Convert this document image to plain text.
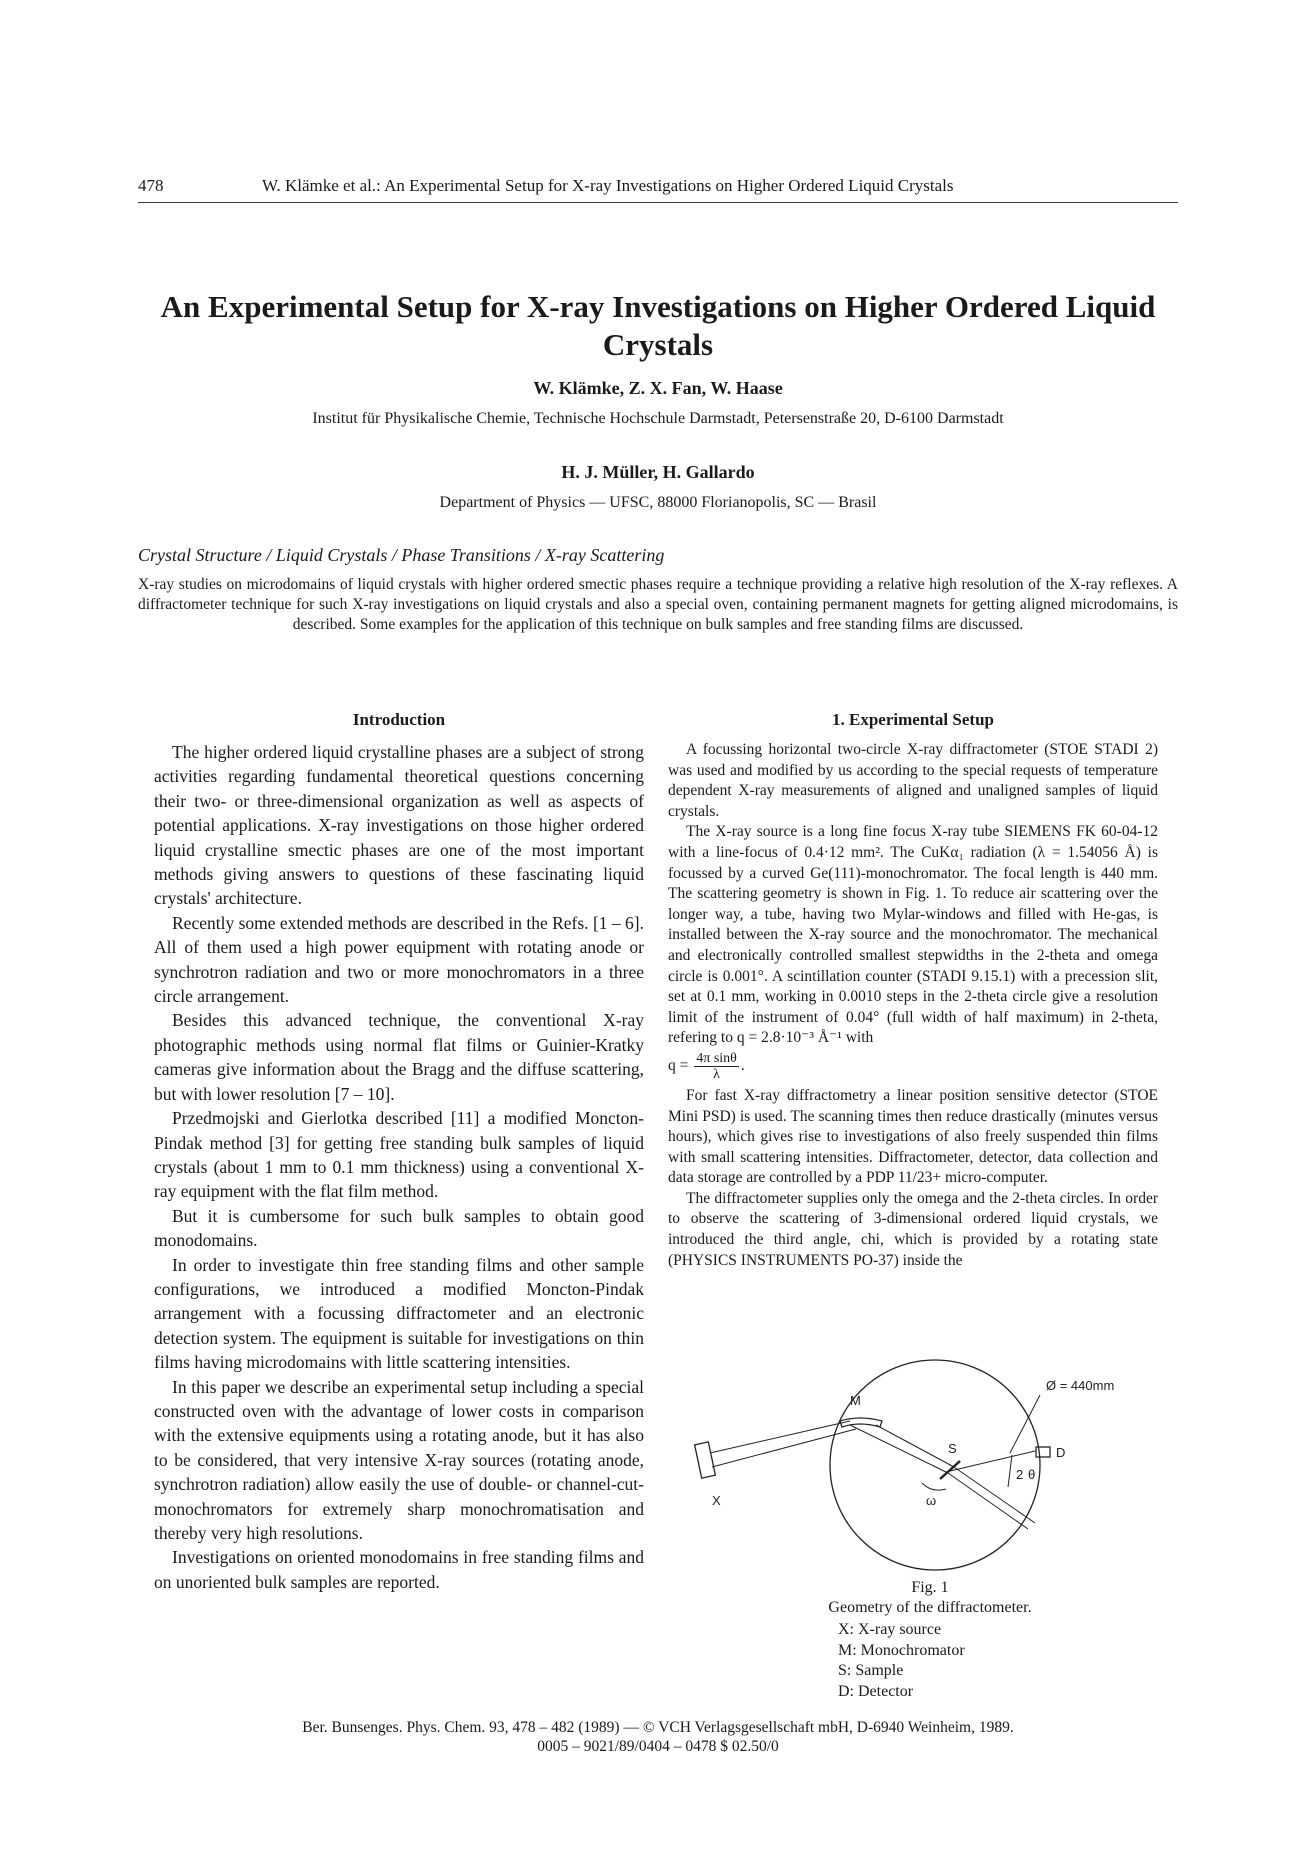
478	W. Klämke et al.: An Experimental Setup for X-ray Investigations on Higher Ordered Liquid Crystals

An Experimental Setup for X-ray Investigations on Higher Ordered Liquid Crystals
W. Klämke, Z. X. Fan, W. Haase
Institut für Physikalische Chemie, Technische Hochschule Darmstadt, Petersenstraße 20, D-6100 Darmstadt
H. J. Müller, H. Gallardo
Department of Physics — UFSC, 88000 Florianopolis, SC — Brasil
Crystal Structure / Liquid Crystals / Phase Transitions / X-ray Scattering
X-ray studies on microdomains of liquid crystals with higher ordered smectic phases require a technique providing a relative high resolution of the X-ray reflexes. A diffractometer technique for such X-ray investigations on liquid crystals and also a special oven, containing permanent magnets for getting aligned microdomains, is described. Some examples for the application of this technique on bulk samples and free standing films are discussed.
Introduction

The higher ordered liquid crystalline phases are a subject of strong activities regarding fundamental theoretical questions concerning their two- or three-dimensional organization as well as aspects of potential applications. X-ray investigations on those higher ordered liquid crystalline smectic phases are one of the most important methods giving answers to questions of these fascinating liquid crystals' architecture.

Recently some extended methods are described in the Refs. [1 – 6]. All of them used a high power equipment with rotating anode or synchrotron radiation and two or more monochromators in a three circle arrangement.

Besides this advanced technique, the conventional X-ray photographic methods using normal flat films or Guinier-Kratky cameras give information about the Bragg and the diffuse scattering, but with lower resolution [7 – 10].

Przedmojski and Gierlotka described [11] a modified Moncton-Pindak method [3] for getting free standing bulk samples of liquid crystals (about 1 mm to 0.1 mm thickness) using a conventional X-ray equipment with the flat film method.

But it is cumbersome for such bulk samples to obtain good monodomains.

In order to investigate thin free standing films and other sample configurations, we introduced a modified Moncton-Pindak arrangement with a focussing diffractometer and an electronic detection system. The equipment is suitable for investigations on thin films having microdomains with little scattering intensities.

In this paper we describe an experimental setup including a special constructed oven with the advantage of lower costs in comparison with the extensive equipments using a rotating anode, but it has also to be considered, that very intensive X-ray sources (rotating anode, synchrotron radiation) allow easily the use of double- or channel-cut-monochromators for extremely sharp monochromatisation and thereby very high resolutions.

Investigations on oriented monodomains in free standing films and on unoriented bulk samples are reported.

1. Experimental Setup

A focussing horizontal two-circle X-ray diffractometer (STOE STADI 2) was used and modified by us according to the special requests of temperature dependent X-ray measurements of aligned and unaligned samples of liquid crystals.

The X-ray source is a long fine focus X-ray tube SIEMENS FK 60-04-12 with a line-focus of 0.4·12 mm². The CuKα₁ radiation (λ = 1.54056 Å) is focussed by a curved Ge(111)-monochromator. The focal length is 440 mm. The scattering geometry is shown in Fig. 1. To reduce air scattering over the longer way, a tube, having two Mylar-windows and filled with He-gas, is installed between the X-ray source and the monochromator. The mechanical and electronically controlled smallest stepwidths in the 2-theta and omega circle is 0.001°. A scintillation counter (STADI 9.15.1) with a precession slit, set at 0.1 mm, working in 0.0010 steps in the 2-theta circle give a resolution limit of the instrument of 0.04° (full width of half maximum) in 2-theta, refering to q = 2.8·10⁻³ Å⁻¹ with

$q = \frac{\text{4π sinθ}}{\lambda}$ .

For fast X-ray diffractometry a linear position sensitive detector (STOE Mini PSD) is used. The scanning times then reduce drastically (minutes versus hours), which gives rise to investigations of also freely suspended thin films with small scattering intensities. Diffractometer, detector, data collection and data storage are controlled by a PDP 11/23+ micro-computer.

The diffractometer supplies only the omega and the 2-theta circles. In order to observe the scattering of 3-dimensional ordered liquid crystals, we introduced the third angle, chi, which is provided by a rotating state (PHYSICS INSTRUMENTS PO-37) inside the

M
S
X
D
ω
2 θ
Ø = 440mm
Fig. 1
Geometry of the diffractometer.
X: X-ray source
M: Monochromator
S: Sample
D: Detector
Ber. Bunsenges. Phys. Chem. 93, 478 – 482 (1989) — © VCH Verlagsgesellschaft mbH, D-6940 Weinheim, 1989.
0005 – 9021/89/0404 – 0478 $ 02.50/0
